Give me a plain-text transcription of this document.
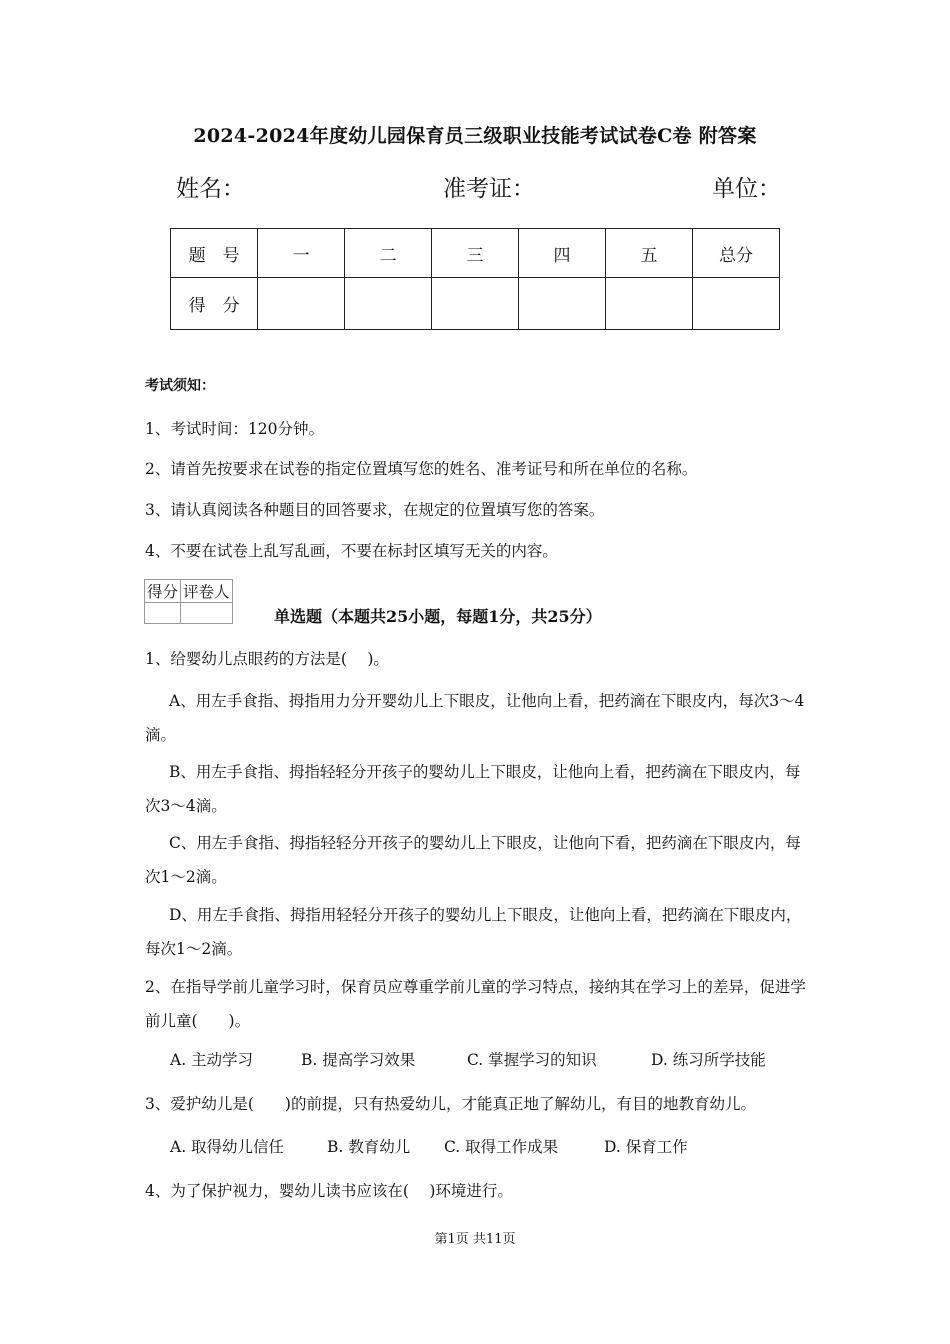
2024-2024年度幼儿园保育员三级职业技能考试试卷C卷 附答案
姓名：	准考证：	单位：
题　号	一	二	三	四	五	总分
得　分						
考试须知：
1、考试时间：120分钟。
2、请首先按要求在试卷的指定位置填写您的姓名、准考证号和所在单位的名称。
3、请认真阅读各种题目的回答要求，在规定的位置填写您的答案。
4、不要在试卷上乱写乱画，不要在标封区填写无关的内容。
得分	评卷人

单选题（本题共25小题，每题1分，共25分）
1、给婴幼儿点眼药的方法是(　 )。
A、用左手食指、拇指用力分开婴幼儿上下眼皮，让他向上看，把药滴在下眼皮内，每次3～4滴。
B、用左手食指、拇指轻轻分开孩子的婴幼儿上下眼皮，让他向上看，把药滴在下眼皮内，每次3～4滴。
C、用左手食指、拇指轻轻分开孩子的婴幼儿上下眼皮，让他向下看，把药滴在下眼皮内，每次1～2滴。
D、用左手食指、拇指用轻轻分开孩子的婴幼儿上下眼皮，让他向上看，把药滴在下眼皮内，每次1～2滴。
2、在指导学前儿童学习时，保育员应尊重学前儿童的学习特点，接纳其在学习上的差异，促进学前儿童(　　)。
A. 主动学习	B. 提高学习效果	C. 掌握学习的知识	D. 练习所学技能
3、爱护幼儿是(　　)的前提，只有热爱幼儿，才能真正地了解幼儿，有目的地教育幼儿。
A. 取得幼儿信任	B. 教育幼儿 C. 取得工作成果	D. 保育工作
4、为了保护视力，婴幼儿读书应该在(　 )环境进行。
第1页 共11页
